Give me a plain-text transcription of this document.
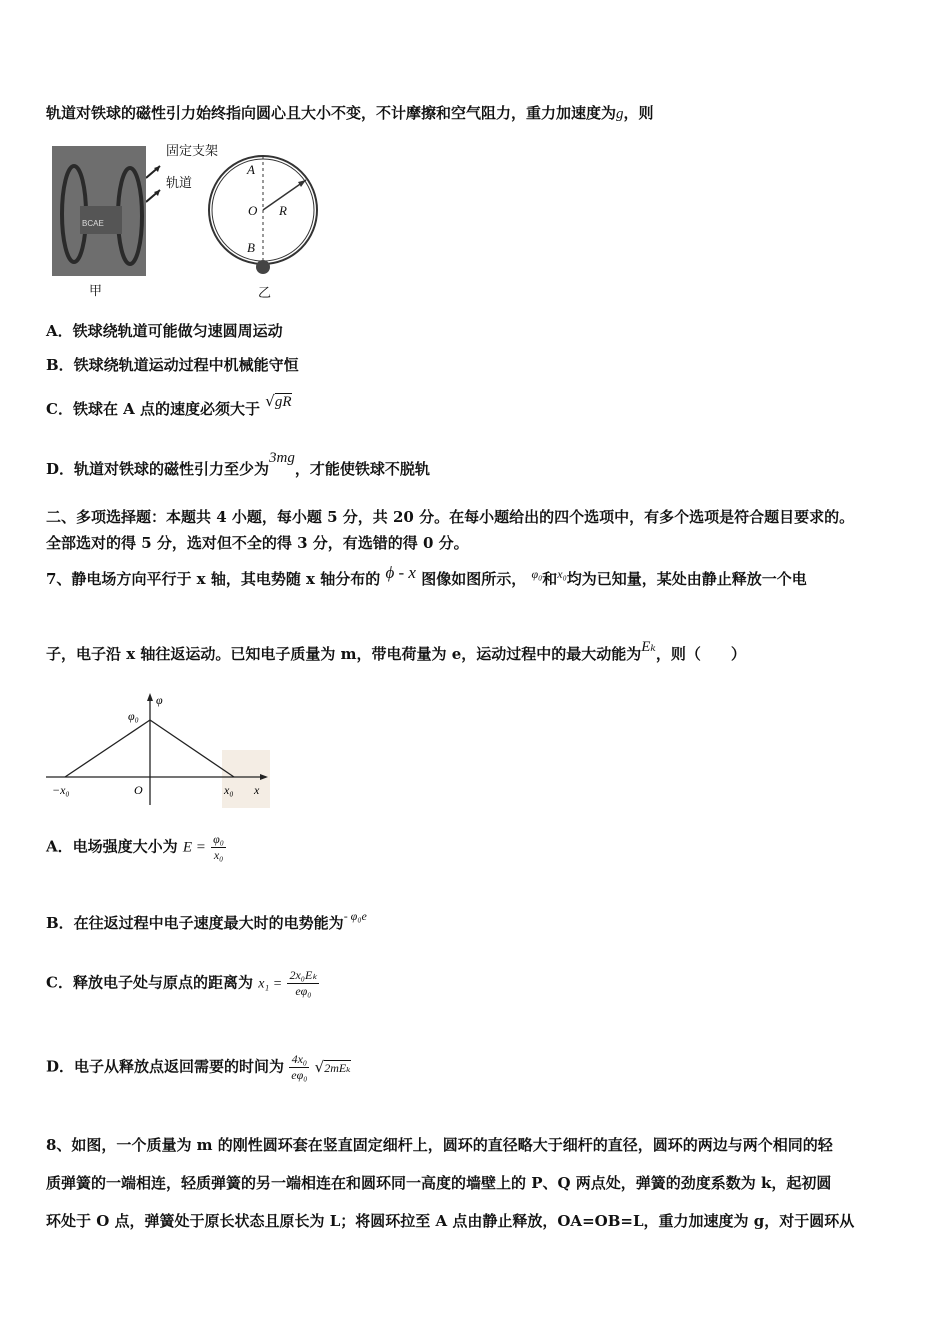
轨道对铁球的磁性引力始终指向圆心且大小不变，不计摩擦和空气阻力，重力加速度为g，则
BCAE
固定支架
轨道
A
O
B
R
甲	乙
A．铁球绕轨道可能做匀速圆周运动
B．铁球绕轨道运动过程中机械能守恒
C．铁球在 A 点的速度必须大于 √gR
D．轨道对铁球的磁性引力至少为3mg，才能使铁球不脱轨
二、多项选择题：本题共 4 小题，每小题 5 分，共 20 分。在每小题给出的四个选项中，有多个选项是符合题目要求的。
全部选对的得 5 分，选对但不全的得 3 分，有选错的得 0 分。
7、静电场方向平行于 x 轴，其电势随 x 轴分布的 ϕ - x 图像如图所示， $^{\varphi_0}$和$^{x_0}$均为已知量，某处由静止释放一个电
子，电子沿 x 轴往返运动。已知电子质量为 m，带电荷量为 e，运动过程中的最大动能为Eₖ，则（　　）
φ
φ₀
−x₀	O	x₀ x
A．电场强度大小为 $E = \frac{\text{φ₀}}{\text{x₀}}$
B．在往返过程中电子速度最大时的电势能为$^{- \varphi_0e}$
C．释放电子处与原点的距离为 $x_1 = \frac{\text{2x₀Eₖ}}{\text{eφ₀}}$
D．电子从释放点返回需要的时间为 $\frac{\text{4x₀}}{\text{eφ₀}} √2mE_k$
8、如图，一个质量为 m 的刚性圆环套在竖直固定细杆上，圆环的直径略大于细杆的直径，圆环的两边与两个相同的轻
质弹簧的一端相连，轻质弹簧的另一端相连在和圆环同一高度的墙壁上的 P、Q 两点处，弹簧的劲度系数为 k，起初圆
环处于 O 点，弹簧处于原长状态且原长为 L；将圆环拉至 A 点由静止释放，OA=OB=L，重力加速度为 g，对于圆环从
